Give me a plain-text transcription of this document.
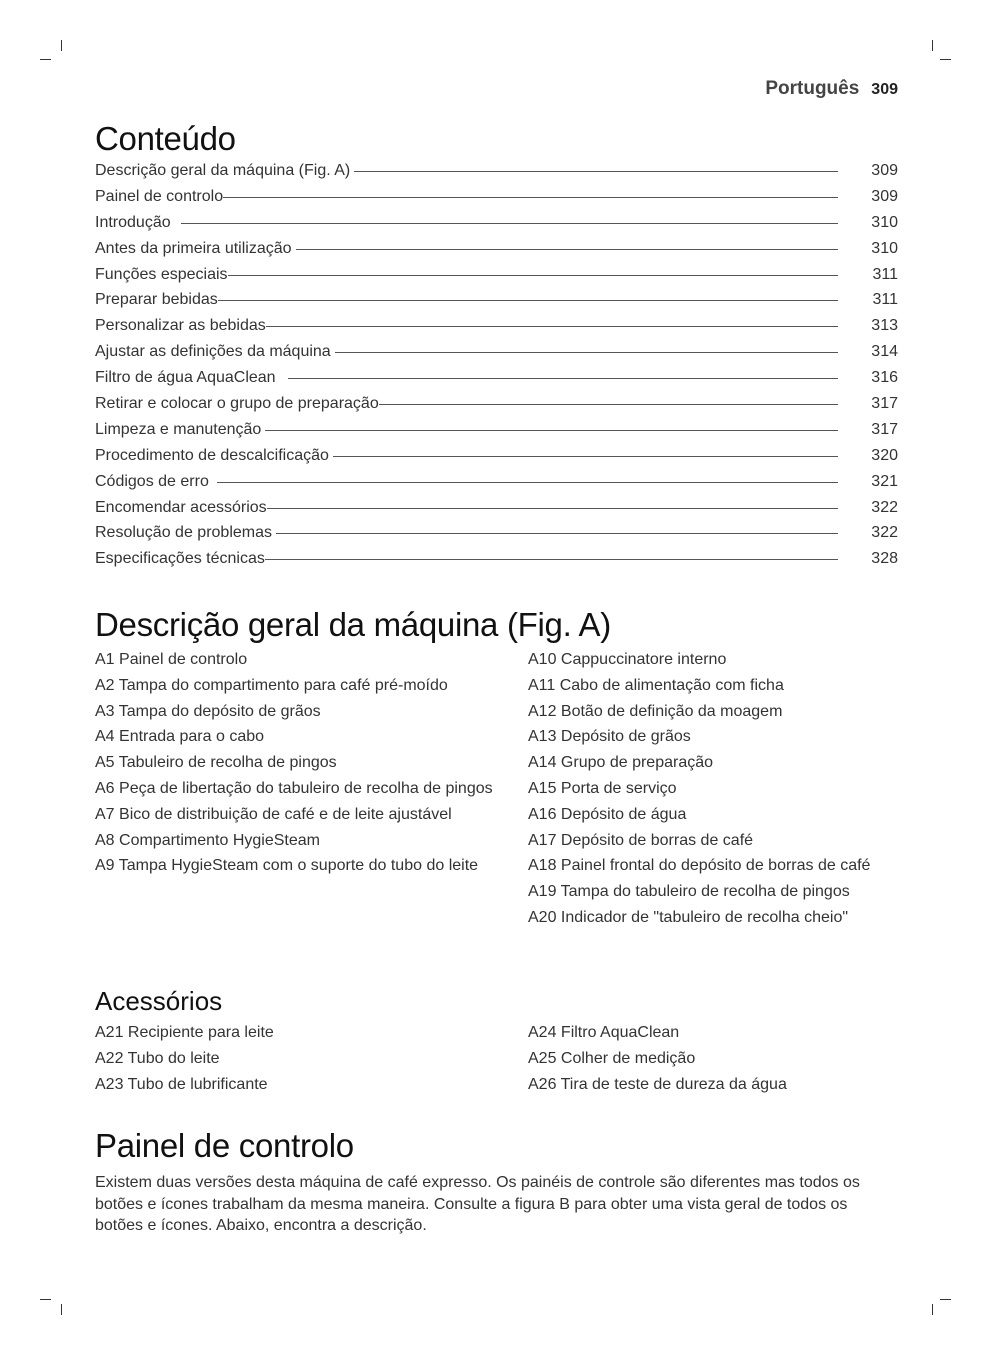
Português 309
Conteúdo
Descrição geral da máquina (Fig. A)	309
Painel de controlo	309
Introdução	310
Antes da primeira utilização	310
Funções especiais	311
Preparar bebidas	311
Personalizar as bebidas	313
Ajustar as definições da máquina	314
Filtro de água AquaClean	316
Retirar e colocar o grupo de preparação	317
Limpeza e manutenção	317
Procedimento de descalcificação	320
Códigos de erro	321
Encomendar acessórios	322
Resolução de problemas	322
Especificações técnicas	328
Descrição geral da máquina (Fig. A)
A1 Painel de controlo
A2 Tampa do compartimento para café pré-moído
A3 Tampa do depósito de grãos
A4 Entrada para o cabo
A5 Tabuleiro de recolha de pingos
A6 Peça de libertação do tabuleiro de recolha de pingos
A7 Bico de distribuição de café e de leite ajustável
A8 Compartimento HygieSteam
A9 Tampa HygieSteam com o suporte do tubo do leite
A10 Cappuccinatore interno
A11 Cabo de alimentação com ficha
A12 Botão de definição da moagem
A13 Depósito de grãos
A14 Grupo de preparação
A15 Porta de serviço
A16 Depósito de água
A17 Depósito de borras de café
A18 Painel frontal do depósito de borras de café
A19 Tampa do tabuleiro de recolha de pingos
A20 Indicador de "tabuleiro de recolha cheio"
Acessórios
A21 Recipiente para leite
A22 Tubo do leite
A23 Tubo de lubrificante
A24 Filtro AquaClean
A25 Colher de medição
A26 Tira de teste de dureza da água
Painel de controlo

Existem duas versões desta máquina de café expresso. Os painéis de controle são diferentes mas todos os botões e ícones trabalham da mesma maneira. Consulte a figura B para obter uma vista geral de todos os botões e ícones. Abaixo, encontra a descrição.
